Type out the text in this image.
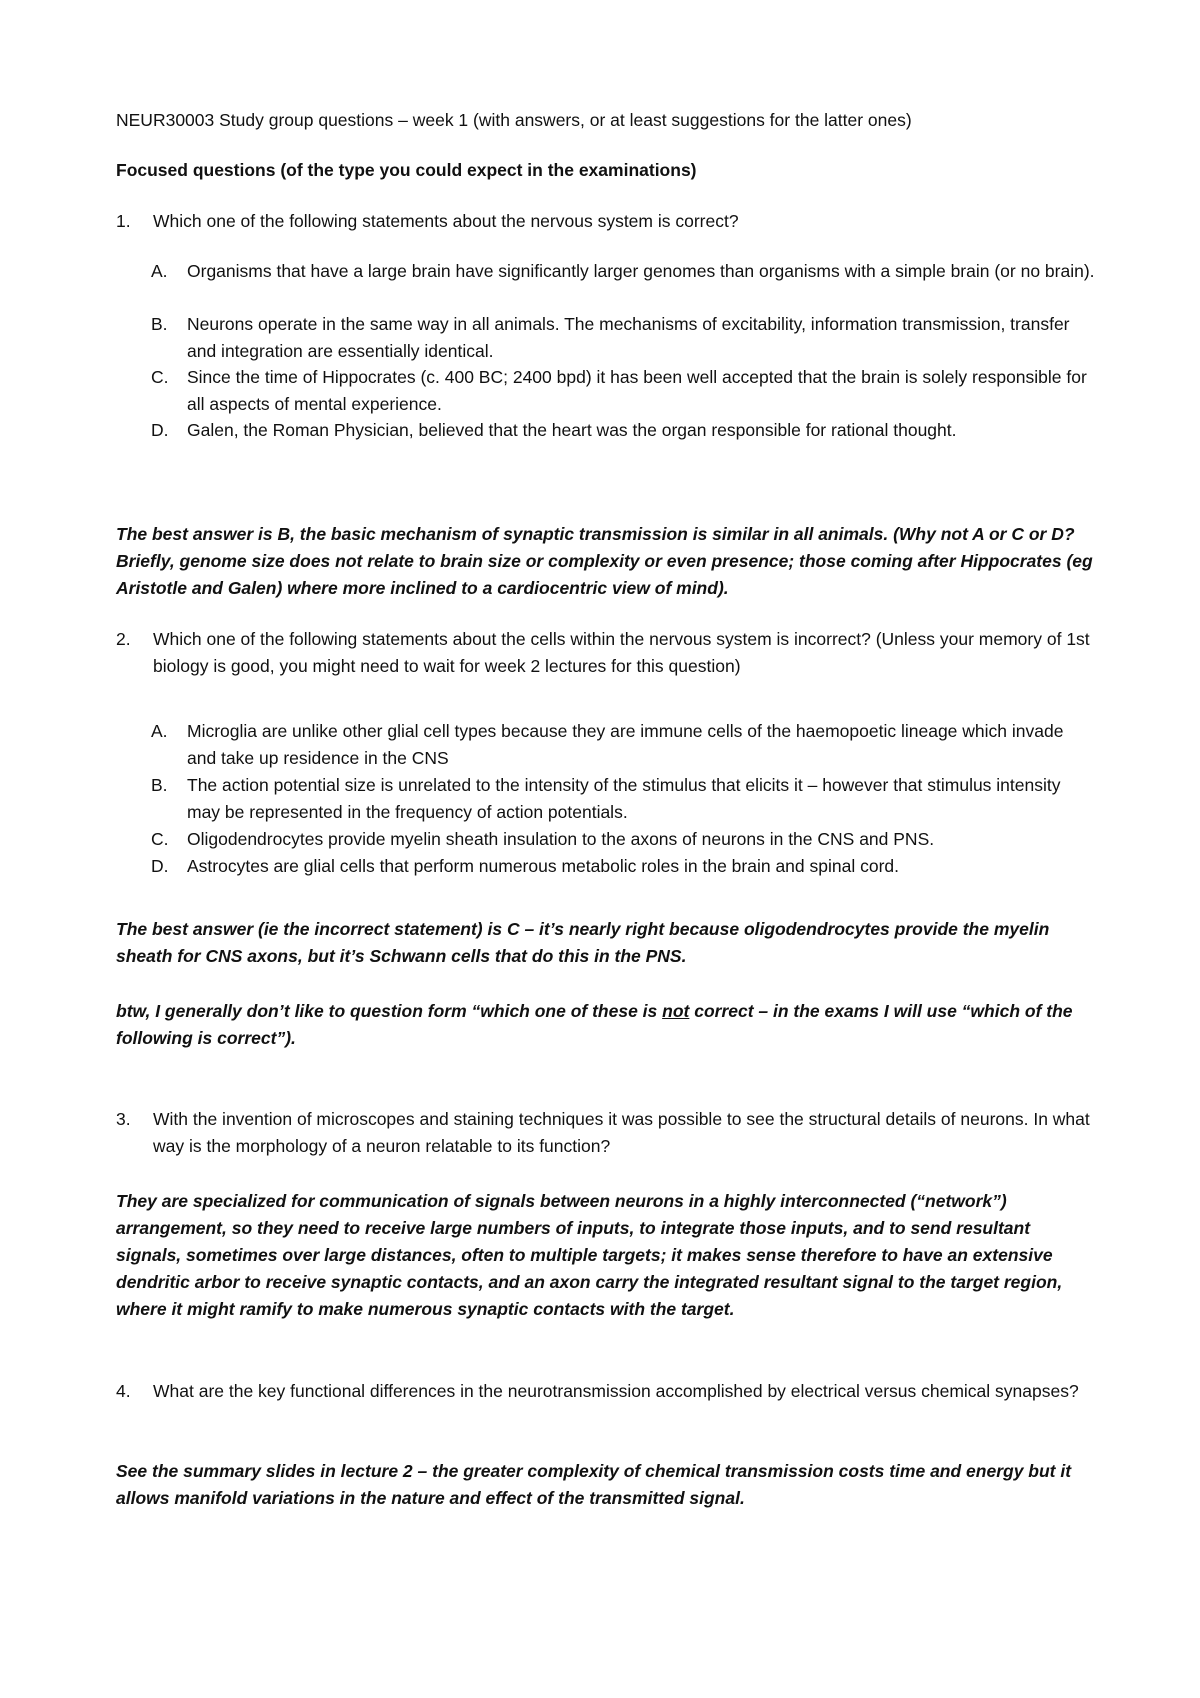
NEUR30003 Study group questions – week 1 (with answers, or at least suggestions for the latter ones)

Focused questions (of the type you could expect in the examinations)

1.	Which one of the following statements about the nervous system is correct?
A.	Organisms that have a large brain have significantly larger genomes than organisms with a simple brain (or no brain).
B.	Neurons operate in the same way in all animals. The mechanisms of excitability, information transmission, transfer and integration are essentially identical.
C.	Since the time of Hippocrates (c. 400 BC; 2400 bpd) it has been well accepted that the brain is solely responsible for all aspects of mental experience.
D.	Galen, the Roman Physician, believed that the heart was the organ responsible for rational thought.

The best answer is B, the basic mechanism of synaptic transmission is similar in all animals. (Why not A or C or D? Briefly, genome size does not relate to brain size or complexity or even presence; those coming after Hippocrates (eg Aristotle and Galen) where more inclined to a cardiocentric view of mind).

2.	Which one of the following statements about the cells within the nervous system is incorrect? (Unless your memory of 1st biology is good, you might need to wait for week 2 lectures for this question)
A.	Microglia are unlike other glial cell types because they are immune cells of the haemopoetic lineage which invade and take up residence in the CNS
B.	The action potential size is unrelated to the intensity of the stimulus that elicits it – however that stimulus intensity may be represented in the frequency of action potentials.
C.	Oligodendrocytes provide myelin sheath insulation to the axons of neurons in the CNS and PNS.
D.	Astrocytes are glial cells that perform numerous metabolic roles in the brain and spinal cord.

The best answer (ie the incorrect statement) is C – it’s nearly right because oligodendrocytes provide the myelin sheath for CNS axons, but it’s Schwann cells that do this in the PNS.

btw, I generally don’t like to question form “which one of these is not correct – in the exams I will use “which of the following is correct”).

3.	With the invention of microscopes and staining techniques it was possible to see the structural details of neurons. In what way is the morphology of a neuron relatable to its function?

They are specialized for communication of signals between neurons in a highly interconnected (“network”) arrangement, so they need to receive large numbers of inputs, to integrate those inputs, and to send resultant signals, sometimes over large distances, often to multiple targets; it makes sense therefore to have an extensive dendritic arbor to receive synaptic contacts, and an axon carry the integrated resultant signal to the target region, where it might ramify to make numerous synaptic contacts with the target.

4.	What are the key functional differences in the neurotransmission accomplished by electrical versus chemical synapses?

See the summary slides in lecture 2 – the greater complexity of chemical transmission costs time and energy but it allows manifold variations in the nature and effect of the transmitted signal.
